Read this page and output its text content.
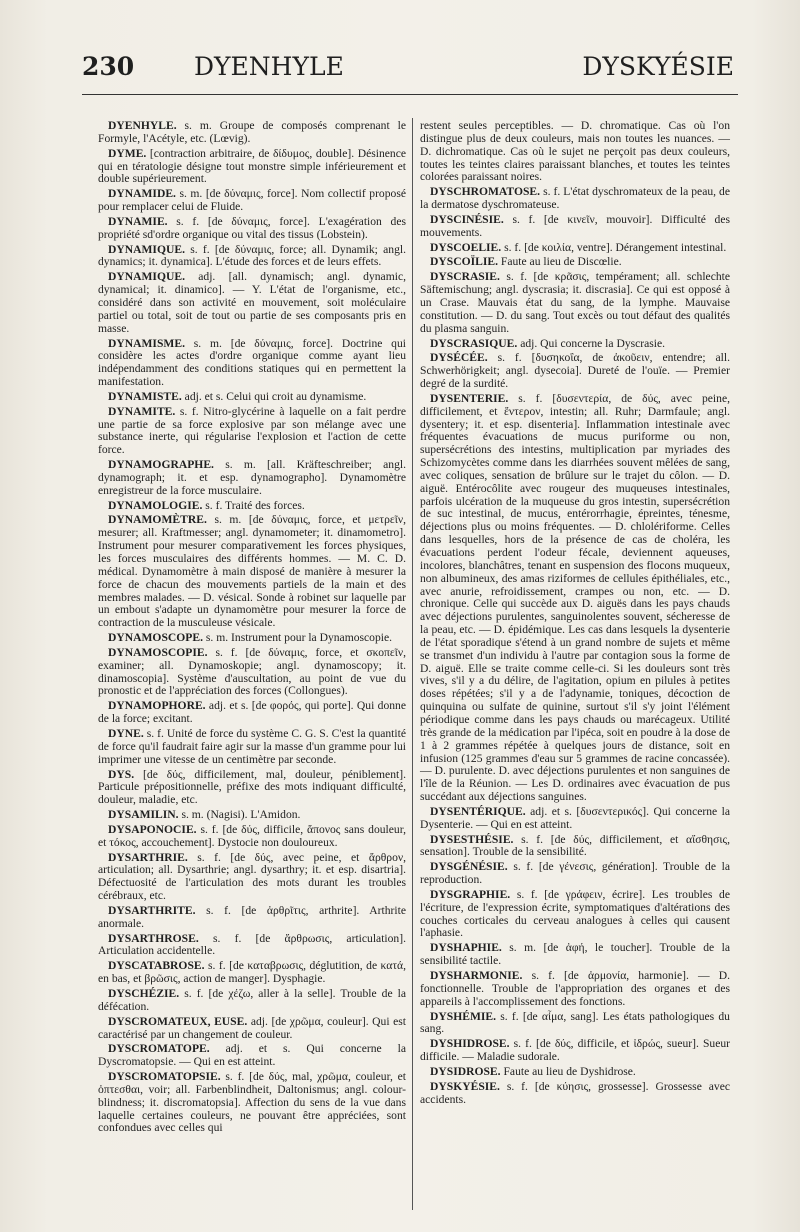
230 DYENHYLE	DYSKYÉSIE

DYENHYLE. s. m. Groupe de composés comprenant le Formyle, l'Acétyle, etc. (Lœvig).

DYME. [contraction arbitraire, de δίδυμος, double]. Désinence qui en tératologie désigne tout monstre simple inférieurement et double supérieurement.

DYNAMIDE. s. m. [de δύναμις, force]. Nom collectif proposé pour remplacer celui de Fluide.

DYNAMIE. s. f. [de δύναμις, force]. L'exagération des propriété sd'ordre organique ou vital des tissus (Lobstein).

DYNAMIQUE. s. f. [de δύναμις, force; all. Dynamik; angl. dynamics; it. dynamica]. L'étude des forces et de leurs effets.

DYNAMIQUE. adj. [all. dynamisch; angl. dynamic, dynamical; it. dinamico]. — Y. L'état de l'organisme, etc., considéré dans son activité en mouvement, soit moléculaire partiel ou total, soit de tout ou partie de ses composants pris en masse.

DYNAMISME. s. m. [de δύναμις, force]. Doctrine qui considère les actes d'ordre organique comme ayant lieu indépendamment des conditions statiques qui en permettent la manifestation.

DYNAMISTE. adj. et s. Celui qui croit au dynamisme.

DYNAMITE. s. f. Nitro-glycérine à laquelle on a fait perdre une partie de sa force explosive par son mélange avec une substance inerte, qui régularise l'explosion et l'action de cette force.

DYNAMOGRAPHE. s. m. [all. Kräfteschreiber; angl. dynamograph; it. et esp. dynamographo]. Dynamomètre enregistreur de la force musculaire.

DYNAMOLOGIE. s. f. Traité des forces.

DYNAMOMÈTRE. s. m. [de δύναμις, force, et μετρεῖν, mesurer; all. Kraftmesser; angl. dynamometer; it. dinamometro]. Instrument pour mesurer comparativement les forces physiques, les forces musculaires des différents hommes. — M. C. D. médical. Dynamomètre à main disposé de manière à mesurer la force de chacun des mouvements partiels de la main et des membres malades. — D. vésical. Sonde à robinet sur laquelle par un embout s'adapte un dynamomètre pour mesurer la force de contraction de la musculeuse vésicale.

DYNAMOSCOPE. s. m. Instrument pour la Dynamoscopie.

DYNAMOSCOPIE. s. f. [de δύναμις, force, et σκοπεῖν, examiner; all. Dynamoskopie; angl. dynamoscopy; it. dinamoscopia]. Système d'auscultation, au point de vue du pronostic et de l'appréciation des forces (Collongues).

DYNAMOPHORE. adj. et s. [de φορός, qui porte]. Qui donne de la force; excitant.

DYNE. s. f. Unité de force du système C. G. S. C'est la quantité de force qu'il faudrait faire agir sur la masse d'un gramme pour lui imprimer une vitesse de un centimètre par seconde.

DYS. [de δύς, difficilement, mal, douleur, péniblement]. Particule prépositionnelle, préfixe des mots indiquant difficulté, douleur, maladie, etc.

DYSAMILIN. s. m. (Nagisi). L'Amidon.

DYSAPONOCIE. s. f. [de δύς, difficile, ἄπονος sans douleur, et τόκος, accouchement]. Dystocie non douloureux.

DYSARTHRIE. s. f. [de δύς, avec peine, et ἄρθρον, articulation; all. Dysarthrie; angl. dysarthry; it. et esp. disartria]. Défectuosité de l'articulation des mots durant les troubles cérébraux, etc.

DYSARTHRITE. s. f. [de ἀρθρῖτις, arthrite]. Arthrite anormale.

DYSARTHROSE. s. f. [de ἄρθρωσις, articulation]. Articulation accidentelle.

DYSCATABROSE. s. f. [de καταβρωσις, déglutition, de κατά, en bas, et βρῶσις, action de manger]. Dysphagie.

DYSCHÉZIE. s. f. [de χέζω, aller à la selle]. Trouble de la défécation.

DYSCROMATEUX, EUSE. adj. [de χρῶμα, couleur]. Qui est caractérisé par un changement de couleur.

DYSCROMATOPE. adj. et s. Qui concerne la Dyscromatopsie. — Qui en est atteint.

DYSCROMATOPSIE. s. f. [de δύς, mal, χρῶμα, couleur, et ὀπτεσθαι, voir; all. Farbenblindheit, Daltonismus; angl. colour-blindness; it. discromatopsia]. Affection du sens de la vue dans laquelle certaines couleurs, ne pouvant être appréciées, sont confondues avec celles qui

restent seules perceptibles. — D. chromatique. Cas où l'on distingue plus de deux couleurs, mais non toutes les nuances. — D. dichromatique. Cas où le sujet ne perçoit pas deux couleurs, toutes les teintes claires paraissant blanches, et toutes les teintes colorées paraissant noires.

DYSCHROMATOSE. s. f. L'état dyschromateux de la peau, de la dermatose dyschromateuse.

DYSCINÉSIE. s. f. [de κινεῖν, mouvoir]. Difficulté des mouvements.

DYSCOELIE. s. f. [de κοιλία, ventre]. Dérangement intestinal.

DYSCOÏLIE. Faute au lieu de Discœlie.

DYSCRASIE. s. f. [de κρᾶσις, tempérament; all. schlechte Säftemischung; angl. dyscrasia; it. discrasia]. Ce qui est opposé à un Crase. Mauvais état du sang, de la lymphe. Mauvaise constitution. — D. du sang. Tout excès ou tout défaut des qualités du plasma sanguin.

DYSCRASIQUE. adj. Qui concerne la Dyscrasie.

DYSÉCÉE. s. f. [δυσηκοΐα, de ἀκοῦειν, entendre; all. Schwerhörigkeit; angl. dysecoia]. Dureté de l'ouïe. — Premier degré de la surdité.

DYSENTERIE. s. f. [δυσεντερία, de δύς, avec peine, difficilement, et ἔντερον, intestin; all. Ruhr; Darmfaule; angl. dysentery; it. et esp. disenteria]. Inflammation intestinale avec fréquentes évacuations de mucus puriforme ou non, supersécrétions des intestins, multiplication par myriades des Schizomycètes comme dans les diarrhées souvent mêlées de sang, avec coliques, sensation de brûlure sur le trajet du côlon. — D. aiguë. Entérocôlite avec rougeur des muqueuses intestinales, parfois ulcération de la muqueuse du gros intestin, supersécrétion de suc intestinal, de mucus, entérorrhagie, épreintes, ténesme, déjections plus ou moins fréquentes. — D. chlolériforme. Celles dans lesquelles, hors de la présence de cas de choléra, les évacuations perdent l'odeur fécale, deviennent aqueuses, incolores, blanchâtres, tenant en suspension des flocons muqueux, non albumineux, des amas riziformes de cellules épithéliales, etc., avec anurie, refroidissement, crampes ou non, etc. — D. chronique. Celle qui succède aux D. aiguës dans les pays chauds avec déjections purulentes, sanguinolentes souvent, sécheresse de la peau, etc. — D. épidémique. Les cas dans lesquels la dysenterie de l'état sporadique s'étend à un grand nombre de sujets et même se transmet d'un individu à l'autre par contagion sous la forme de D. aiguë. Elle se traite comme celle-ci. Si les douleurs sont très vives, s'il y a du délire, de l'agitation, opium en pilules à petites doses répétées; s'il y a de l'adynamie, toniques, décoction de quinquina ou sulfate de quinine, surtout s'il s'y joint l'élément périodique comme dans les pays chauds ou marécageux. Utilité très grande de la médication par l'ipéca, soit en poudre à la dose de 1 à 2 grammes répétée à quelques jours de distance, soit en infusion (125 grammes d'eau sur 5 grammes de racine concassée). — D. purulente. D. avec déjections purulentes et non sanguines de l'île de la Réunion. — Les D. ordinaires avec évacuation de pus succédant aux déjections sanguines.

DYSENTÉRIQUE. adj. et s. [δυσεντερικός]. Qui concerne la Dysenterie. — Qui en est atteint.

DYSESTHÉSIE. s. f. [de δύς, difficilement, et αἴσθησις, sensation]. Trouble de la sensibilité.

DYSGÉNÉSIE. s. f. [de γένεσις, génération]. Trouble de la reproduction.

DYSGRAPHIE. s. f. [de γράφειν, écrire]. Les troubles de l'écriture, de l'expression écrite, symptomatiques d'altérations des couches corticales du cerveau analogues à celles qui causent l'aphasie.

DYSHAPHIE. s. m. [de ἁφή, le toucher]. Trouble de la sensibilité tactile.

DYSHARMONIE. s. f. [de ἁρμονία, harmonie]. — D. fonctionnelle. Trouble de l'appropriation des organes et des appareils à l'accomplissement des fonctions.

DYSHÉMIE. s. f. [de αἷμα, sang]. Les états pathologiques du sang.

DYSHIDROSE. s. f. [de δύς, difficile, et ἱδρώς, sueur]. Sueur difficile. — Maladie sudorale.

DYSIDROSE. Faute au lieu de Dyshidrose.

DYSKYÉSIE. s. f. [de κύησις, grossesse]. Grossesse avec accidents.
